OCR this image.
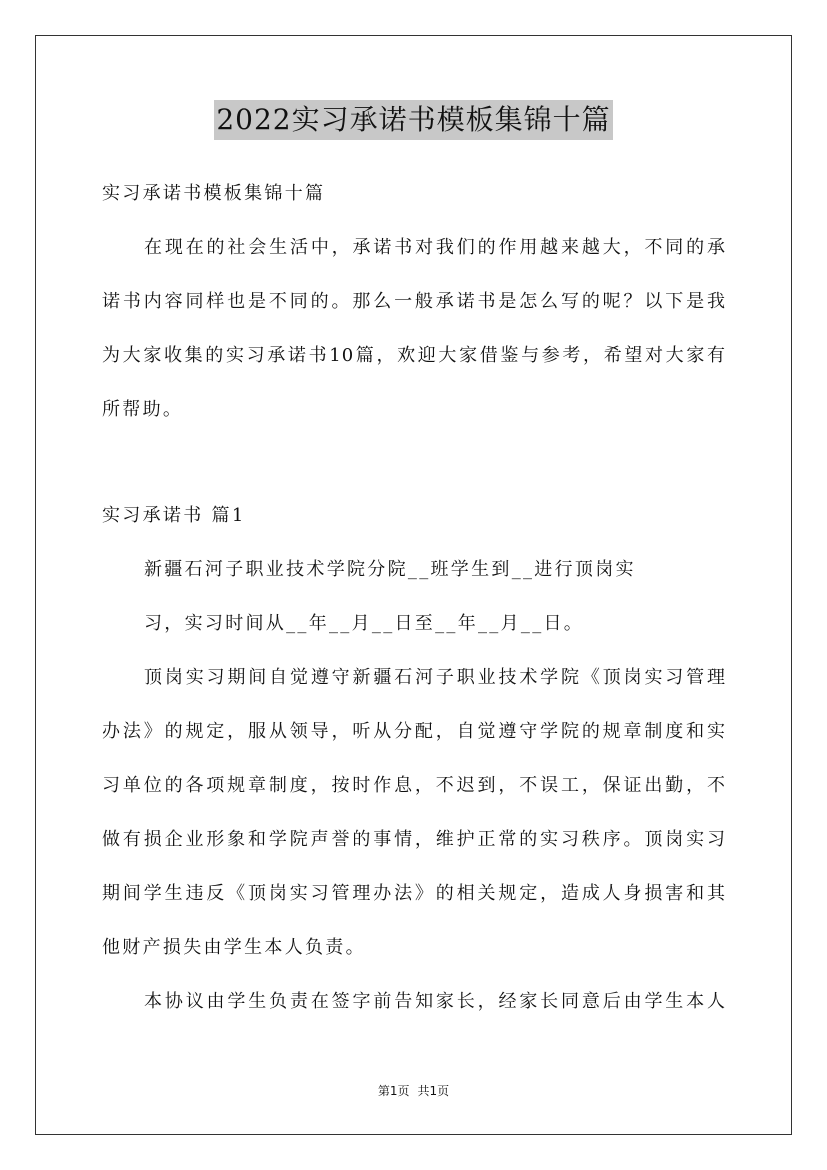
2022实习承诺书模板集锦十篇
实习承诺书模板集锦十篇
在现在的社会生活中，承诺书对我们的作用越来越大，不同的承
诺书内容同样也是不同的。那么一般承诺书是怎么写的呢？以下是我
为大家收集的实习承诺书10篇，欢迎大家借鉴与参考，希望对大家有
所帮助。
实习承诺书 篇1
新疆石河子职业技术学院分院__班学生到__进行顶岗实
习，实习时间从__年__月__日至__年__月__日。
顶岗实习期间自觉遵守新疆石河子职业技术学院《顶岗实习管理
办法》的规定，服从领导，听从分配，自觉遵守学院的规章制度和实
习单位的各项规章制度，按时作息，不迟到，不误工，保证出勤，不
做有损企业形象和学院声誉的事情，维护正常的实习秩序。顶岗实习
期间学生违反《顶岗实习管理办法》的相关规定，造成人身损害和其
他财产损失由学生本人负责。
本协议由学生负责在签字前告知家长，经家长同意后由学生本人
第1页 共1页
